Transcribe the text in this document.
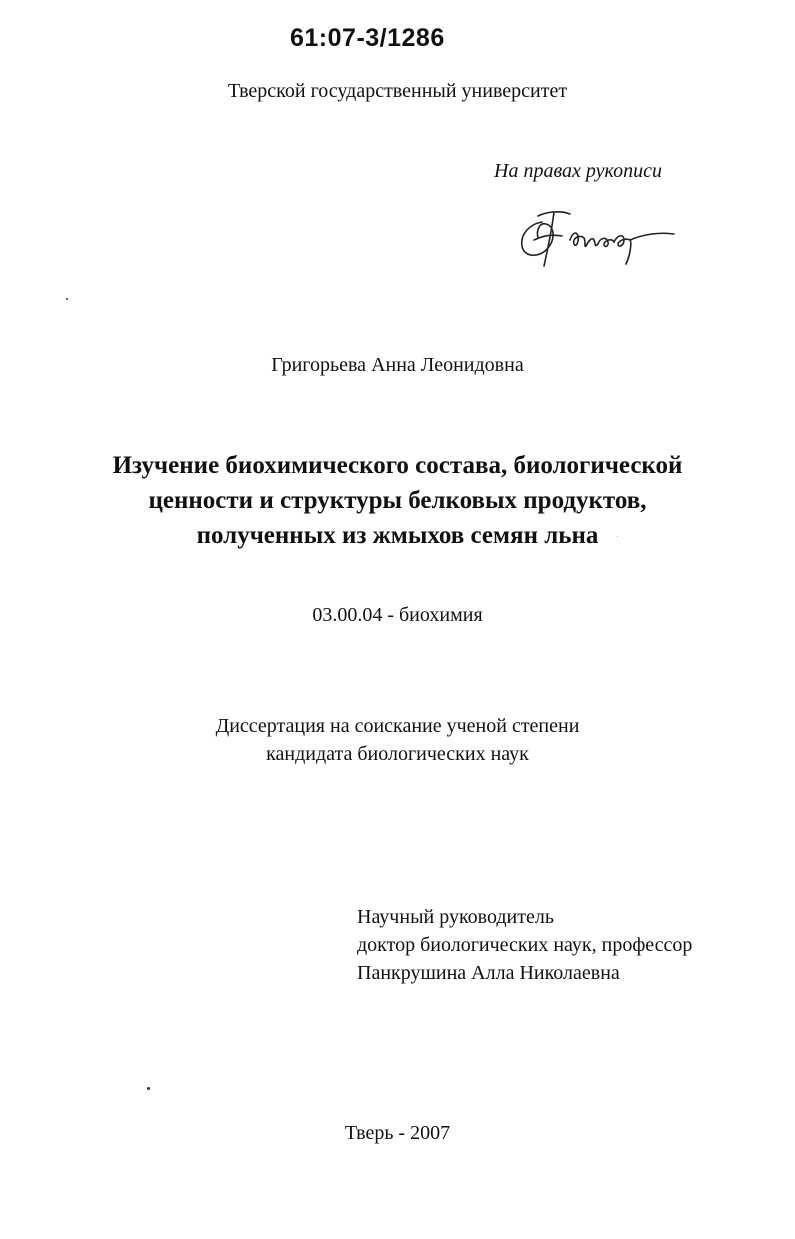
61:07-3/1286
Тверской государственный университет
На правах рукописи
Григорьева Анна Леонидовна
Изучение биохимического состава, биологической
ценности и структуры белковых продуктов,
полученных из жмыхов семян льна
03.00.04 - биохимия
Диссертация на соискание ученой степени
кандидата биологических наук
Научный руководитель
доктор биологических наук, профессор
Панкрушина Алла Николаевна
Тверь - 2007
